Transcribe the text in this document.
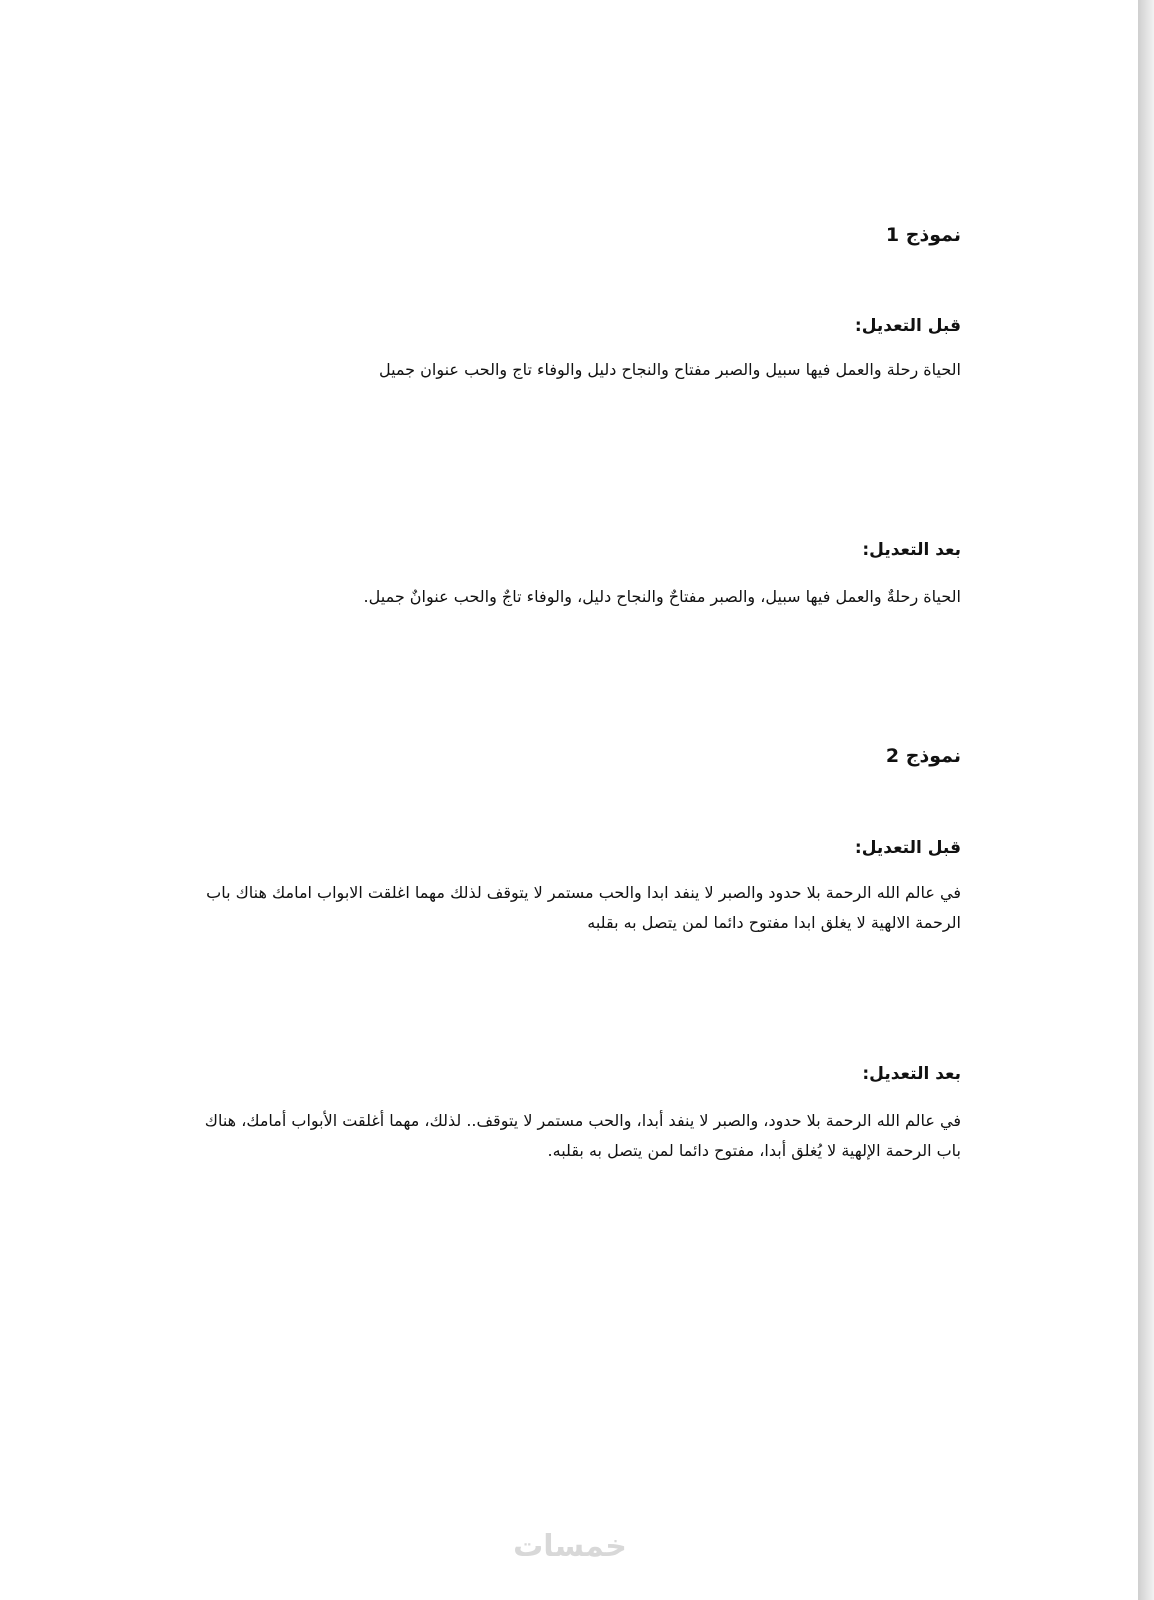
نموذج 1
قبل التعديل:
الحياة رحلة والعمل فيها سبيل والصبر مفتاح والنجاح دليل والوفاء تاج والحب عنوان جميل
بعد التعديل:
الحياة رحلةٌ والعمل فيها سبيل، والصبر مفتاحٌ والنجاح دليل، والوفاء تاجٌ والحب عنوانٌ جميل.
نموذج 2
قبل التعديل:
في عالم الله الرحمة بلا حدود والصبر لا ينفد ابدا والحب مستمر لا يتوقف لذلك مهما اغلقت الابواب امامك هناك باب الرحمة الالهية لا يغلق ابدا مفتوح دائما لمن يتصل به بقلبه
بعد التعديل:
في عالم الله الرحمة بلا حدود، والصبر لا ينفد أبدا، والحب مستمر لا يتوقف.. لذلك، مهما أغلقت الأبواب أمامك، هناك باب الرحمة الإلهية لا يُغلق أبدا، مفتوح دائما لمن يتصل به بقلبه.
خمسات
